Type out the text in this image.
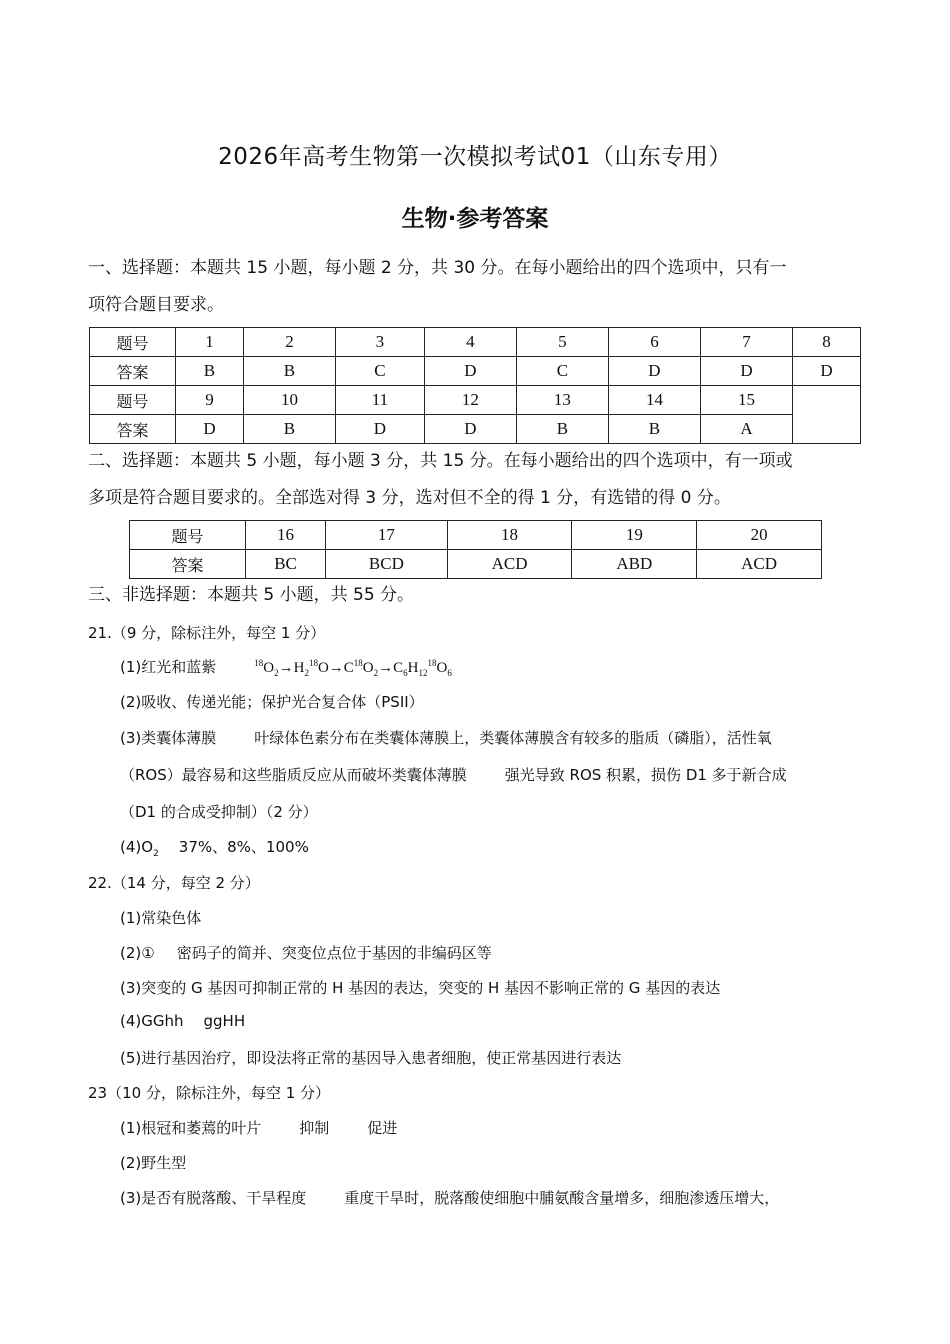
2026年高考生物第一次模拟考试01（山东专用）
生物·参考答案
一、选择题：本题共 15 小题，每小题 2 分，共 30 分。在每小题给出的四个选项中，只有一
项符合题目要求。
题号	1	2	3	4	5	6	7	8
答案	B	B	C	D	C	D	D	D
题号	9	10	11	12	13	14	15	
答案	D	B	D	D	B	B	A	
二、选择题：本题共 5 小题，每小题 3 分，共 15 分。在每小题给出的四个选项中，有一项或
多项是符合题目要求的。全部选对得 3 分，选对但不全的得 1 分，有选错的得 0 分。
题号	16	17	18	19	20
答案	BC	BCD	ACD	ABD	ACD
三、非选择题：本题共 5 小题，共 55 分。
21.（9 分，除标注外，每空 1 分）
(1)红光和蓝紫	$^{18}O_2\to H_2^{18}O\to C^{18}O_2\to C_6H_{12}^{18}O_6$
(2)吸收、传递光能；保护光合复合体（PSII）
(3)类囊体薄膜	叶绿体色素分布在类囊体薄膜上，类囊体薄膜含有较多的脂质（磷脂），活性氧
（ROS）最容易和这些脂质反应从而破坏类囊体薄膜	强光导致 ROS 积累，损伤 D1 多于新合成
（D1 的合成受抑制）（2 分）
$(4)O_2$ 37%、8%、100%
22.（14 分，每空 2 分）
(1)常染色体
(2)① 密码子的简并、突变位点位于基因的非编码区等
(3)突变的 G 基因可抑制正常的 H 基因的表达，突变的 H 基因不影响正常的 G 基因的表达
(4)GGhh ggHH
(5)进行基因治疗，即设法将正常的基因导入患者细胞，使正常基因进行表达
23（10 分，除标注外，每空 1 分）
(1)根冠和萎蔫的叶片	抑制	促进
(2)野生型
(3)是否有脱落酸、干旱程度	重度干旱时，脱落酸使细胞中脯氨酸含量增多，细胞渗透压增大，
